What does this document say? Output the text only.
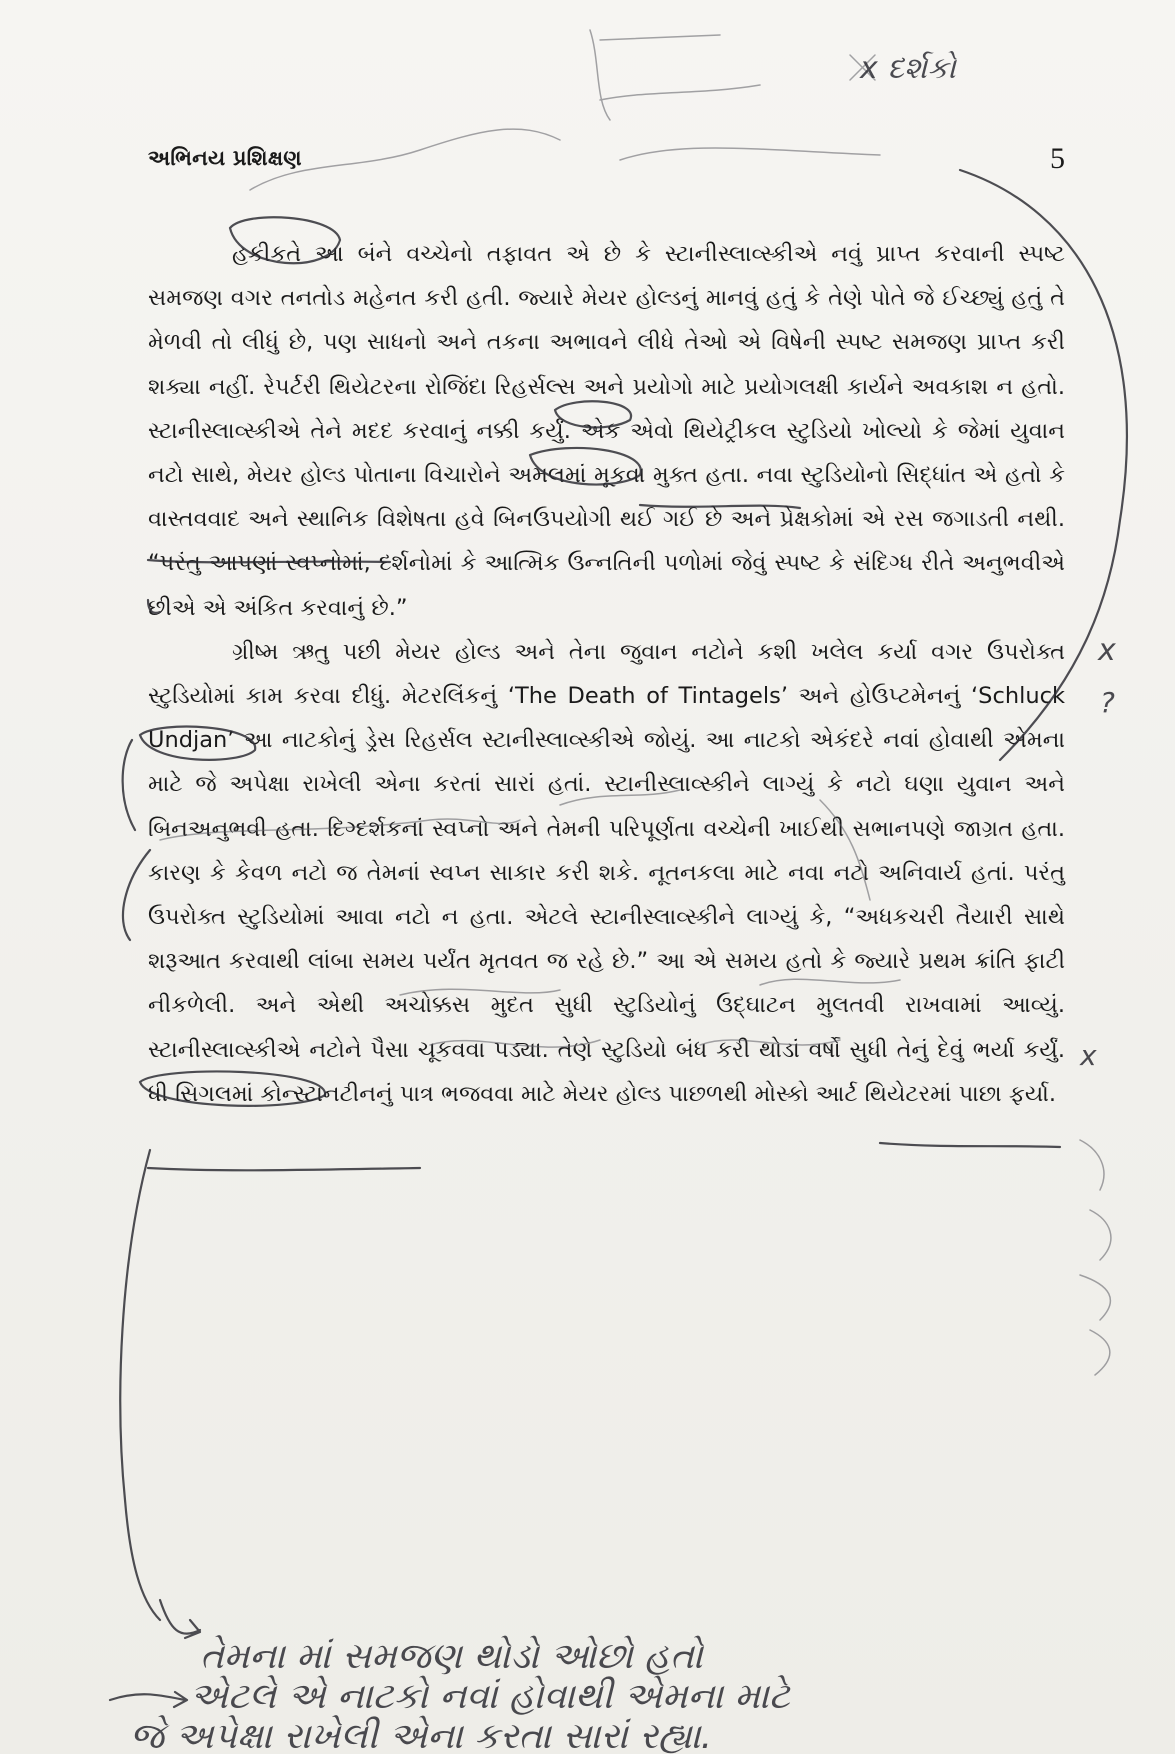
અભિનય પ્રશિક્ષણ	5

હકીકતે આ બંને વચ્ચેનો તફાવત એ છે કે સ્ટાનીસ્લાવ્સ્કીએ નવું પ્રાપ્ત કરવાની સ્પષ્ટ સમજણ વગર તનતોડ મહેનત કરી હતી. જ્યારે મેયર હોલ્ડનું માનવું હતું કે તેણે પોતે જે ઈચ્છ્યું હતું તે મેળવી તો લીધું છે, પણ સાધનો અને તકના અભાવને લીધે તેઓ એ વિષેની સ્પષ્ટ સમજણ પ્રાપ્ત કરી શક્યા નહીં. રેપર્ટરી થિયેટરના રોજિંદા રિહર્સલ્સ અને પ્રયોગો માટે પ્રયોગલક્ષી કાર્યને અવકાશ ન હતો. સ્ટાનીસ્લાવ્સ્કીએ તેને મદદ કરવાનું નક્કી કર્યું. એક એવો થિયેટ્રીકલ સ્ટુડિયો ખોલ્યો કે જેમાં યુવાન નટો સાથે, મેયર હોલ્ડ પોતાના વિચારોને અમલમાં મૂકવા મુક્ત હતા. નવા સ્ટુડિયોનો સિદ્ધાંત એ હતો કે વાસ્તવવાદ અને સ્થાનિક વિશેષતા હવે બિનઉપયોગી થઈ ગઈ છે અને પ્રેક્ષકોમાં એ રસ જગાડતી નથી. “પરંતુ આપણાં સ્વપ્નોમાં, દર્શનોમાં કે આત્મિક ઉન્નતિની પળોમાં જેવું સ્પષ્ટ કે સંદિગ્ધ રીતે અનુભવીએ છીએ એ અંકિત કરવાનું છે.”

ગ્રીષ્મ ઋતુ પછી મેયર હોલ્ડ અને તેના જુવાન નટોને કશી ખલેલ કર્યા વગર ઉપરોક્ત સ્ટુડિયોમાં કામ કરવા દીધું. મેટરલિંકનું ‘The Death of Tintagels’ અને હોઉપ્ટમેનનું ‘Schluck Undjan’ આ નાટકોનું ડ્રેસ રિહર્સલ સ્ટાનીસ્લાવ્સ્કીએ જોયું. આ નાટકો એકંદરે નવાં હોવાથી એમના માટે જે અપેક્ષા રાખેલી એના કરતાં સારાં હતાં. સ્ટાનીસ્લાવ્સ્કીને લાગ્યું કે નટો ઘણા યુવાન અને બિનઅનુભવી હતા. દિગ્દર્શકનાં સ્વપ્નો અને તેમની પરિપૂર્ણતા વચ્ચેની ખાઈથી સભાનપણે જાગ્રત હતા. કારણ કે કેવળ નટો જ તેમનાં સ્વપ્ન સાકાર કરી શકે. નૂતનકલા માટે નવા નટો અનિવાર્ય હતાં. પરંતુ ઉપરોક્ત સ્ટુડિયોમાં આવા નટો ન હતા. એટલે સ્ટાનીસ્લાવ્સ્કીને લાગ્યું કે, “અધકચરી તૈયારી સાથે શરૂઆત કરવાથી લાંબા સમય પર્યંત મૃતવત જ રહે છે.” આ એ સમય હતો કે જ્યારે પ્રથમ ક્રાંતિ ફાટી નીકળેલી. અને એથી અચોક્કસ મુદત સુધી સ્ટુડિયોનું ઉદ્ઘાટન મુલતવી રાખવામાં આવ્યું. સ્ટાનીસ્લાવ્સ્કીએ નટોને પૈસા ચૂકવવા પડ્યા. તેણે સ્ટુડિયો બંધ કરી થોડાં વર્ષો સુધી તેનું દેવું ભર્યા કર્યું. ધી સિગલમાં કોન્સ્ટાનટીનનું પાત્ર ભજવવા માટે મેયર હોલ્ડ પાછળથી મોસ્કો આર્ટ થિયેટરમાં પાછા ફર્યા.

x દર્શકો
x
?
x
તેમના માં સમજણ થોડો ઓછો હતો
એટલે એ નાટકો નવાં હોવાથી એમના માટે
જે અપેક્ષા રાખેલી એના કરતા સારાં રહ્યા.
